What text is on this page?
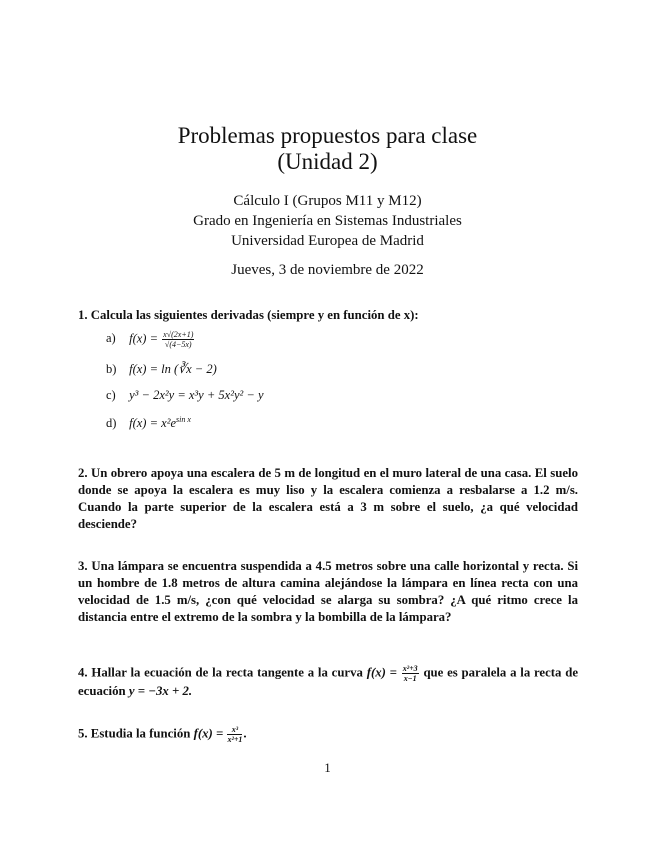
Problemas propuestos para clase
(Unidad 2)
Cálculo I (Grupos M11 y M12)
Grado en Ingeniería en Sistemas Industriales
Universidad Europea de Madrid
Jueves, 3 de noviembre de 2022
1. Calcula las siguientes derivadas (siempre y en función de x):
a) $f(x) = \frac{x√(2x+1)}{√(4-5x)}$
b) f(x) = ln (∛x − 2)
c) y³ − 2x²y = x³y + 5x²y² − y
d) $f(x) = x^2e^{sin x}$
2. Un obrero apoya una escalera de 5 m de longitud en el muro lateral de una casa. El suelo donde se apoya la escalera es muy liso y la escalera comienza a resbalarse a 1.2 m/s. Cuando la parte superior de la escalera está a 3 m sobre el suelo, ¿a qué velocidad desciende?
3. Una lámpara se encuentra suspendida a 4.5 metros sobre una calle horizontal y recta. Si un hombre de 1.8 metros de altura camina alejándose la lámpara en línea recta con una velocidad de 1.5 m/s, ¿con qué velocidad se alarga su sombra? ¿A qué ritmo crece la distancia entre el extremo de la sombra y la bombilla de la lámpara?
4. Hallar la ecuación de la recta tangente a la curva $f(x) = \frac{\text{x²+3}}{x-1}$ que es paralela a la recta de ecuación y = −3x + 2.
5. Estudia la función $f(x) = \frac{\text{x³}}{\text{x²+1}}$ .
1
